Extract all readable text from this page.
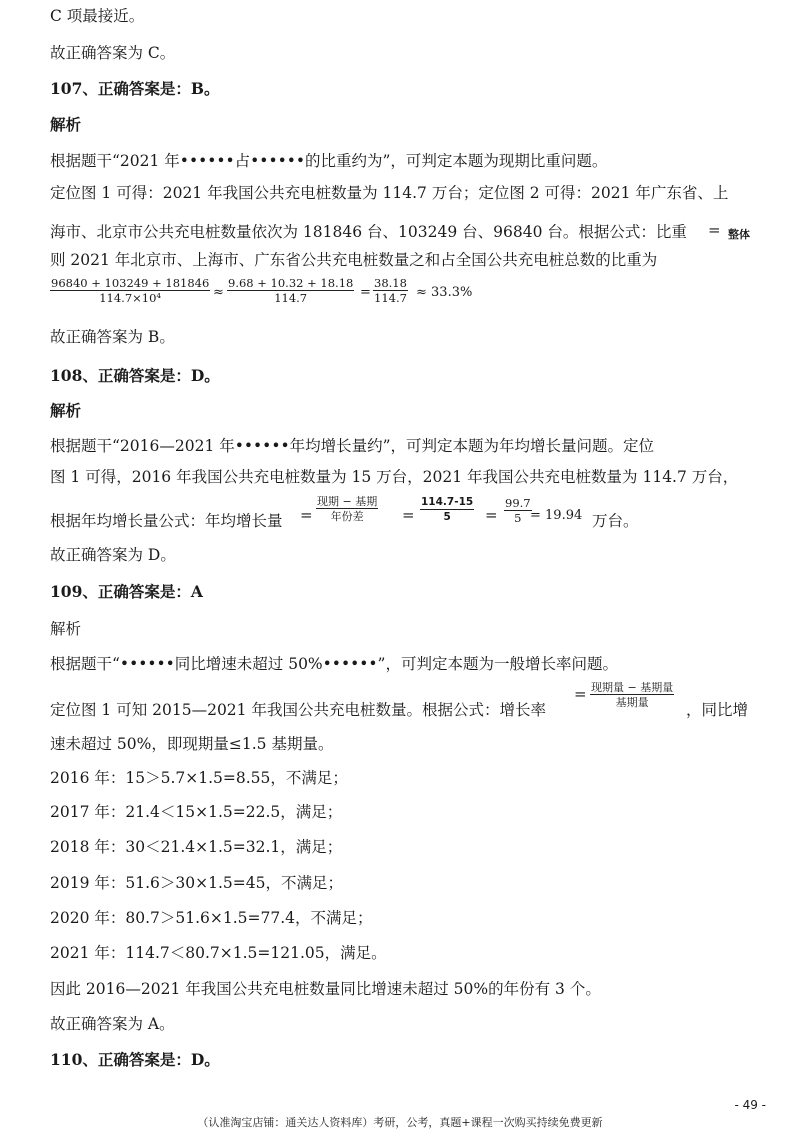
C 项最接近。
故正确答案为 C。
107、正确答案是：B。
解析
根据题干“2021 年••••••占••••••的比重约为”，可判定本题为现期比重问题。
定位图 1 可得：2021 年我国公共充电桩数量为 114.7 万台；定位图 2 可得：2021 年广东省、上
海市、北京市公共充电桩数量依次为 181846 台、103249 台、96840 台。根据公式：比重 = 整体
则 2021 年北京市、上海市、广东省公共充电桩数量之和占全国公共充电桩总数的比重为
$\frac{96840 + 103249 + 181846}{\text{114.7×10⁴}} \approx \frac{9.68 + 10.32 + 18.18}{114.7} = \frac{38.18}{114.7} \approx 33.3\%$
故正确答案为 B。
108、正确答案是：D。
解析
根据题干“2016—2021 年••••••年均增长量约”，可判定本题为年均增长量问题。定位
图 1 可得，2016 年我国公共充电桩数量为 15 万台，2021 年我国公共充电桩数量为 114.7 万台，
根据年均增长量公式：年均增长量 =
现期 − 基期
年份差	= $\frac{114.7-15}{5} = \frac{99.7}{5}$
= 19.94 万台。
故正确答案为 D。
109、正确答案是：A
解析
根据题干“••••••同比增速未超过 50%••••••”，可判定本题为一般增长率问题。
定位图 1 可知 2015—2021 年我国公共充电桩数量。根据公式：增长率
= 现期量 − 基期量
基期量	，同比增
速未超过 50%，即现期量≤1.5 基期量。
2016 年：15＞5.7×1.5=8.55，不满足；
2017 年：21.4＜15×1.5=22.5，满足；
2018 年：30＜21.4×1.5=32.1，满足；
2019 年：51.6＞30×1.5=45，不满足；
2020 年：80.7＞51.6×1.5=77.4，不满足；
2021 年：114.7＜80.7×1.5=121.05，满足。
因此 2016—2021 年我国公共充电桩数量同比增速未超过 50%的年份有 3 个。
故正确答案为 A。
110、正确答案是：D。
- 49 -
（认准淘宝店铺：通关达人资料库）考研，公考，真题+课程一次购买持续免费更新
